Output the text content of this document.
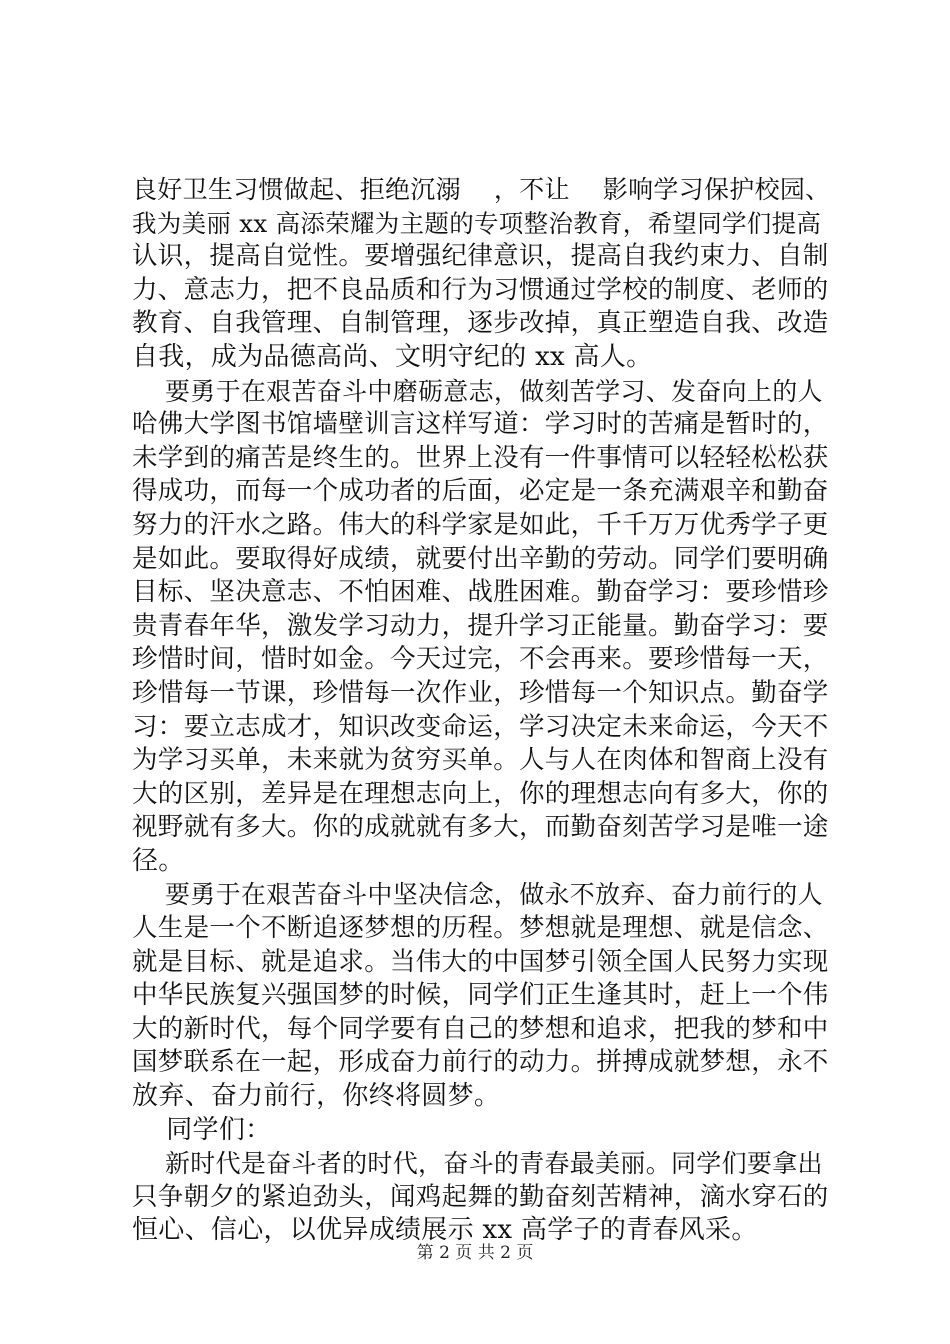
良好卫生习惯做起、拒绝沉溺    ，不让    影响学习保护校园、
我为美丽 xx 高添荣耀为主题的专项整治教育，希望同学们提高
认识，提高自觉性。要增强纪律意识，提高自我约束力、自制
力、意志力，把不良品质和行为习惯通过学校的制度、老师的
教育、自我管理、自制管理，逐步改掉，真正塑造自我、改造
自我，成为品德高尚、文明守纪的 xx 高人。
要勇于在艰苦奋斗中磨砺意志，做刻苦学习、发奋向上的人
哈佛大学图书馆墙壁训言这样写道：学习时的苦痛是暂时的，
未学到的痛苦是终生的。世界上没有一件事情可以轻轻松松获
得成功，而每一个成功者的后面，必定是一条充满艰辛和勤奋
努力的汗水之路。伟大的科学家是如此，千千万万优秀学子更
是如此。要取得好成绩，就要付出辛勤的劳动。同学们要明确
目标、坚决意志、不怕困难、战胜困难。勤奋学习：要珍惜珍
贵青春年华，激发学习动力，提升学习正能量。勤奋学习：要
珍惜时间，惜时如金。今天过完，不会再来。要珍惜每一天，
珍惜每一节课，珍惜每一次作业，珍惜每一个知识点。勤奋学
习：要立志成才，知识改变命运，学习决定未来命运，今天不
为学习买单，未来就为贫穷买单。人与人在肉体和智商上没有
大的区别，差异是在理想志向上，你的理想志向有多大，你的
视野就有多大。你的成就就有多大，而勤奋刻苦学习是唯一途
径。
要勇于在艰苦奋斗中坚决信念，做永不放弃、奋力前行的人
人生是一个不断追逐梦想的历程。梦想就是理想、就是信念、
就是目标、就是追求。当伟大的中国梦引领全国人民努力实现
中华民族复兴强国梦的时候，同学们正生逢其时，赶上一个伟
大的新时代，每个同学要有自己的梦想和追求，把我的梦和中
国梦联系在一起，形成奋力前行的动力。拼搏成就梦想，永不
放弃、奋力前行，你终将圆梦。
同学们：
新时代是奋斗者的时代，奋斗的青春最美丽。同学们要拿出
只争朝夕的紧迫劲头，闻鸡起舞的勤奋刻苦精神，滴水穿石的
恒心、信心，以优异成绩展示 xx 高学子的青春风采。
第 2 页 共 2 页
